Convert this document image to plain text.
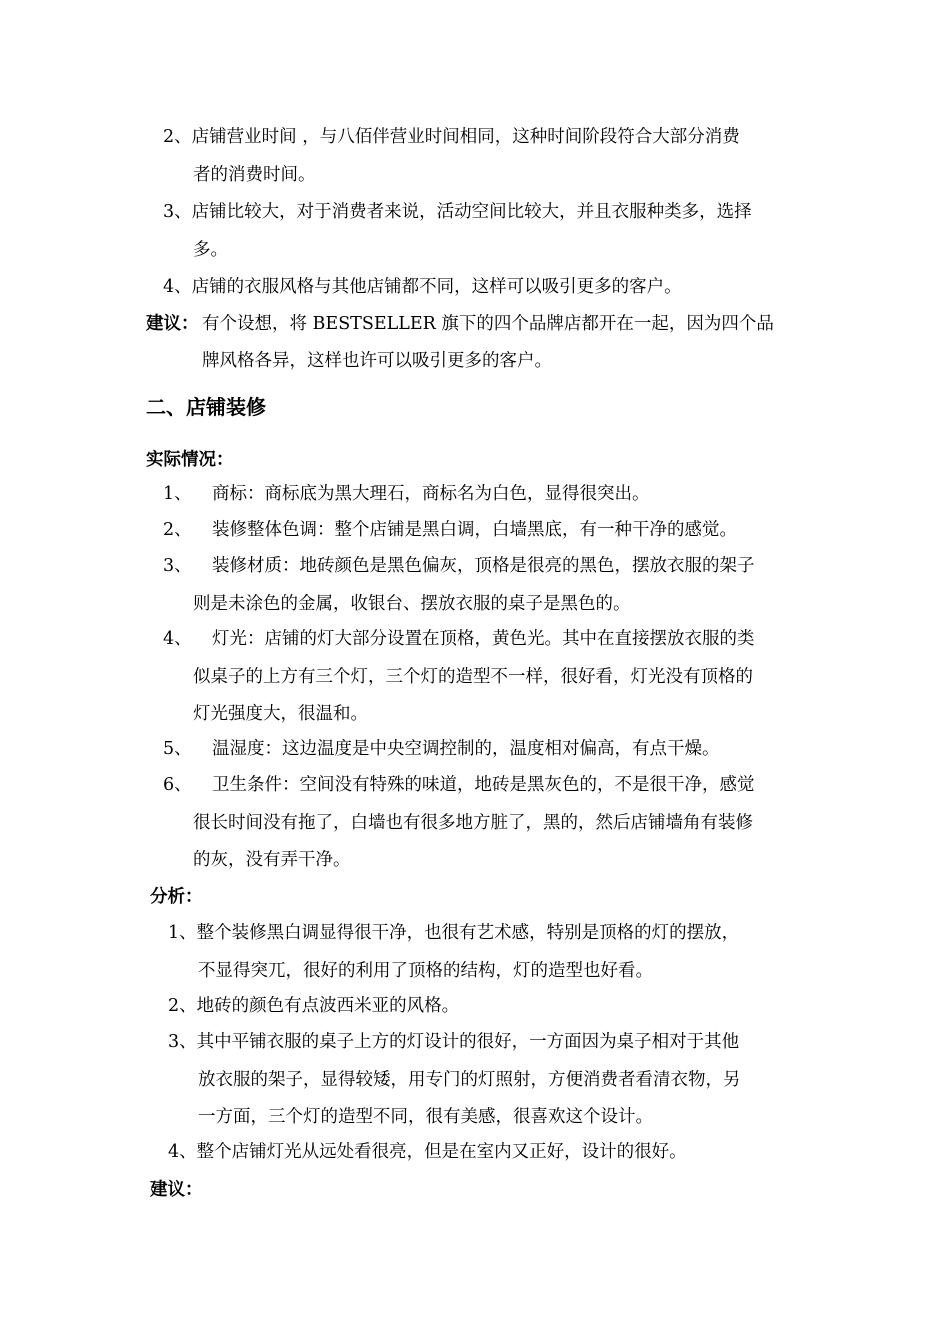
2、店铺营业时间 ，与八佰伴营业时间相同，这种时间阶段符合大部分消费
者的消费时间。
3、店铺比较大，对于消费者来说，活动空间比较大，并且衣服种类多，选择
多。
4、店铺的衣服风格与其他店铺都不同，这样可以吸引更多的客户。
建议： 有个设想，将 BESTSELLER 旗下的四个品牌店都开在一起，因为四个品
牌风格各异，这样也许可以吸引更多的客户。
二、店铺装修
实际情况：
1、 商标：商标底为黑大理石，商标名为白色，显得很突出。
2、 装修整体色调：整个店铺是黑白调，白墙黑底，有一种干净的感觉。
3、 装修材质：地砖颜色是黑色偏灰，顶格是很亮的黑色，摆放衣服的架子
则是未涂色的金属，收银台、摆放衣服的桌子是黑色的。
4、 灯光：店铺的灯大部分设置在顶格，黄色光。其中在直接摆放衣服的类
似桌子的上方有三个灯，三个灯的造型不一样，很好看，灯光没有顶格的
灯光强度大，很温和。
5、 温湿度：这边温度是中央空调控制的，温度相对偏高，有点干燥。
6、 卫生条件：空间没有特殊的味道，地砖是黑灰色的，不是很干净，感觉
很长时间没有拖了，白墙也有很多地方脏了，黑的，然后店铺墙角有装修
的灰，没有弄干净。
分析：
1、整个装修黑白调显得很干净，也很有艺术感，特别是顶格的灯的摆放，
不显得突兀，很好的利用了顶格的结构，灯的造型也好看。
2、地砖的颜色有点波西米亚的风格。
3、其中平铺衣服的桌子上方的灯设计的很好，一方面因为桌子相对于其他
放衣服的架子，显得较矮，用专门的灯照射，方便消费者看清衣物，另
一方面，三个灯的造型不同，很有美感，很喜欢这个设计。
4、整个店铺灯光从远处看很亮，但是在室内又正好，设计的很好。
建议：
